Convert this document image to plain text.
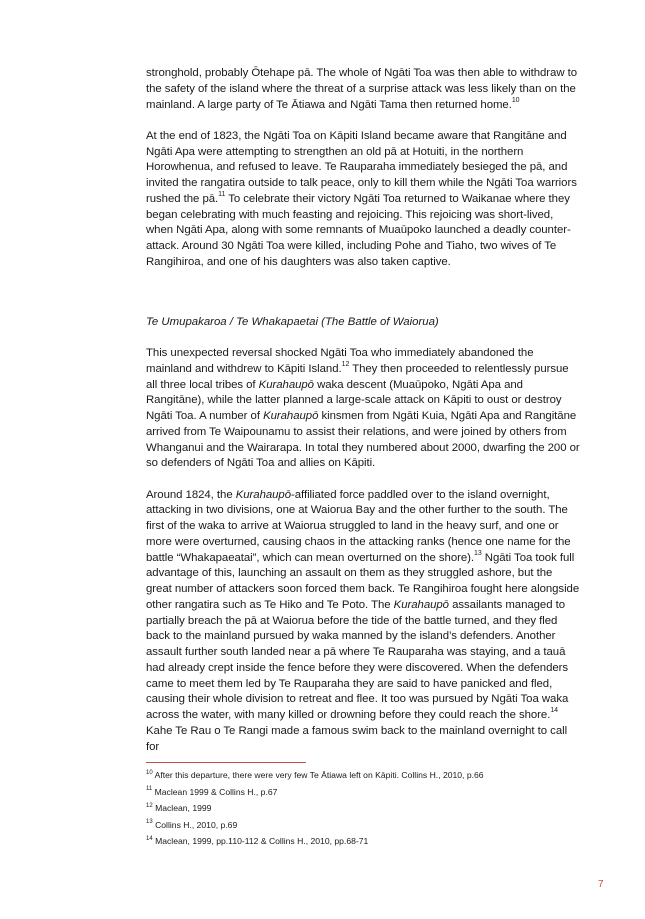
stronghold, probably Ōtehape pā. The whole of Ngāti Toa was then able to withdraw to the safety of the island where the threat of a surprise attack was less likely than on the mainland. A large party of Te Ātiawa and Ngāti Tama then returned home.$^{10}$

At the end of 1823, the Ngāti Toa on Kāpiti Island became aware that Rangitāne and Ngāti Apa were attempting to strengthen an old pā at Hotuiti, in the northern Horowhenua, and refused to leave. Te Rauparaha immediately besieged the pā, and invited the rangatira outside to talk peace, only to kill them while the Ngāti Toa warriors rushed the pā.$^{11}$ To celebrate their victory Ngāti Toa returned to Waikanae where they began celebrating with much feasting and rejoicing. This rejoicing was short-lived, when Ngāti Apa, along with some remnants of Muaūpoko launched a deadly counter-attack. Around 30 Ngāti Toa were killed, including Pohe and Tiaho, two wives of Te Rangihiroa, and one of his daughters was also taken captive.

Te Umupakaroa / Te Whakapaetai (The Battle of Waiorua)

This unexpected reversal shocked Ngāti Toa who immediately abandoned the mainland and withdrew to Kāpiti Island.$^{12}$ They then proceeded to relentlessly pursue all three local tribes of Kurahaupō waka descent (Muaūpoko, Ngāti Apa and Rangitāne), while the latter planned a large-scale attack on Kāpiti to oust or destroy Ngāti Toa. A number of Kurahaupō kinsmen from Ngāti Kuia, Ngāti Apa and Rangitāne arrived from Te Waipounamu to assist their relations, and were joined by others from Whanganui and the Wairarapa. In total they numbered about 2000, dwarfing the 200 or so defenders of Ngāti Toa and allies on Kāpiti.

Around 1824, the Kurahaupō-affiliated force paddled over to the island overnight, attacking in two divisions, one at Waiorua Bay and the other further to the south. The first of the waka to arrive at Waiorua struggled to land in the heavy surf, and one or more were overturned, causing chaos in the attacking ranks (hence one name for the battle “Whakapaeatai”, which can mean overturned on the shore).$^{13}$ Ngāti Toa took full advantage of this, launching an assault on them as they struggled ashore, but the great number of attackers soon forced them back. Te Rangihiroa fought here alongside other rangatira such as Te Hiko and Te Poto. The Kurahaupō assailants managed to partially breach the pā at Waiorua before the tide of the battle turned, and they fled back to the mainland pursued by waka manned by the island’s defenders. Another assault further south landed near a pā where Te Rauparaha was staying, and a tauā had already crept inside the fence before they were discovered. When the defenders came to meet them led by Te Rauparaha they are said to have panicked and fled, causing their whole division to retreat and flee. It too was pursued by Ngāti Toa waka across the water, with many killed or drowning before they could reach the shore.$^{14}$ Kahe Te Rau o Te Rangi made a famous swim back to the mainland overnight to call for

$^{10}$ After this departure, there were very few Te Ātiawa left on Kāpiti. Collins H., 2010, p.66
$^{11}$ Maclean 1999 & Collins H., p.67
$^{12}$ Maclean, 1999
$^{13}$ Collins H., 2010, p.69
$^{14}$ Maclean, 1999, pp.110-112 & Collins H., 2010, pp.68-71
7
